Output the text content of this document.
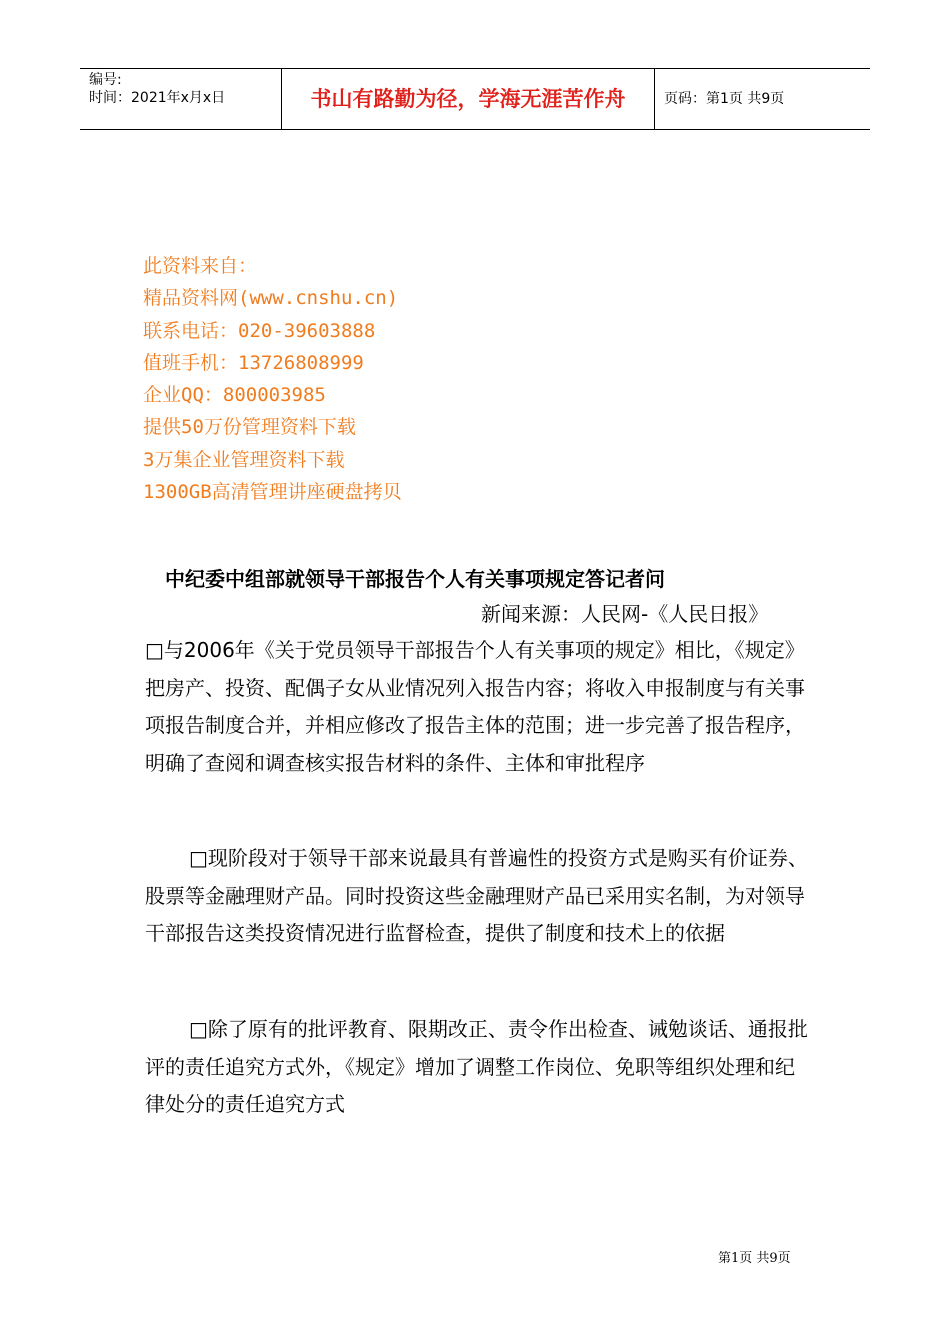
编号:
时间：2021年x月x日	书山有路勤为径，学海无涯苦作舟	页码：第1页 共9页
此资料来自：
精品资料网(www.cnshu.cn)
联系电话：020-39603888
值班手机：13726808999
企业QQ：800003985
提供50万份管理资料下载
3万集企业管理资料下载
1300GB高清管理讲座硬盘拷贝
中纪委中组部就领导干部报告个人有关事项规定答记者问
新闻来源：人民网-《人民日报》
□与2006年《关于党员领导干部报告个人有关事项的规定》相比，《规定》把房产、投资、配偶子女从业情况列入报告内容；将收入申报制度与有关事项报告制度合并，并相应修改了报告主体的范围；进一步完善了报告程序，明确了查阅和调查核实报告材料的条件、主体和审批程序
□现阶段对于领导干部来说最具有普遍性的投资方式是购买有价证券、股票等金融理财产品。同时投资这些金融理财产品已采用实名制，为对领导干部报告这类投资情况进行监督检查，提供了制度和技术上的依据
□除了原有的批评教育、限期改正、责令作出检查、诫勉谈话、通报批评的责任追究方式外，《规定》增加了调整工作岗位、免职等组织处理和纪律处分的责任追究方式
第1页 共9页
